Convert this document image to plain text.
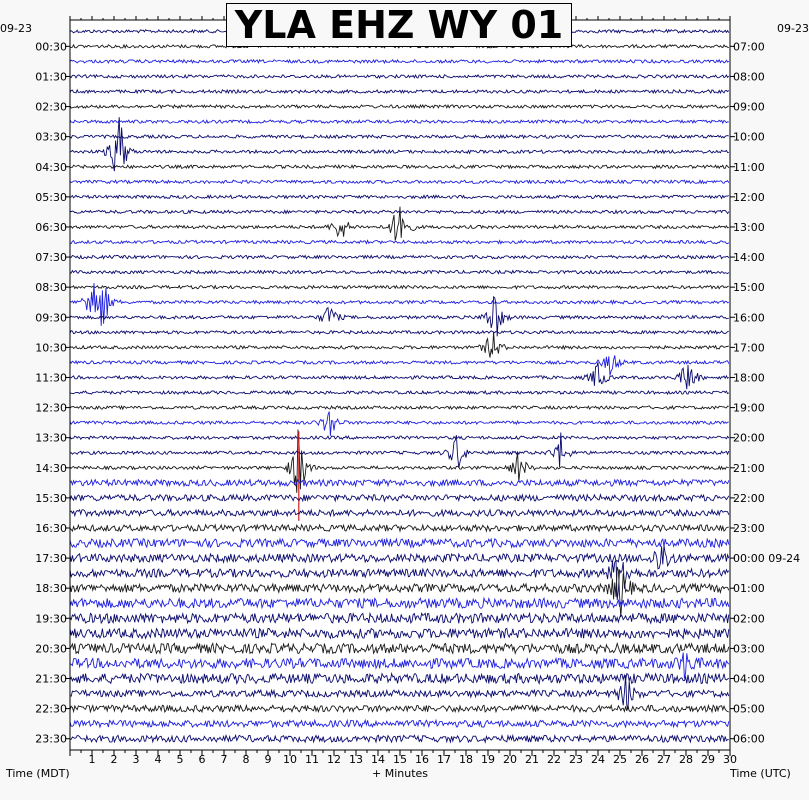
1 2 3 4 5 6 7 8 9 10 11 12 13 14 15 16 17 18 19 20 21 22 23 24 25 26 27 28 29 30
00:30
01:30
02:30
03:30
04:30
05:30
06:30
07:30
08:30
09:30
10:30
11:30
12:30
13:30
14:30
15:30
16:30
17:30
18:30
19:30
20:30
21:30
22:30
23:30
07:00
08:00
09:00
10:00
11:00
12:00
13:00
14:00
15:00
16:00
17:00
18:00
19:00
20:00
21:00
22:00
23:00
00:00 09-24
01:00
02:00
03:00
04:00
05:00
06:00
YLA EHZ WY 01
09-23	09-23
Time (MDT)	+ Minutes	Time (UTC)
